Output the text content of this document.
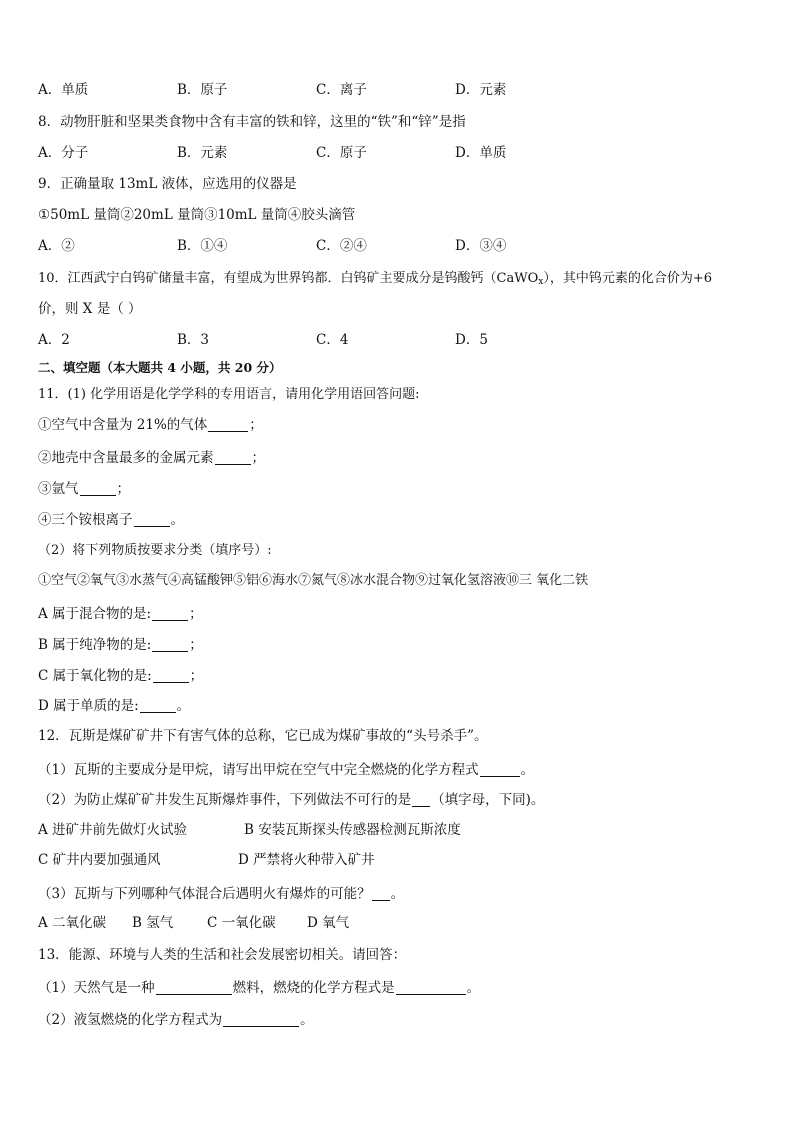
A．单质	B．原子	C．离子	D．元素
8．动物肝脏和坚果类食物中含有丰富的铁和锌，这里的“铁”和“锌”是指
A．分子	B．元素	C．原子	D．单质
9．正确量取 13mL 液体，应选用的仪器是
①50mL 量筒②20mL 量筒③10mL 量筒④胶头滴管
A．②	B．①④	C．②④	D．③④
10．江西武宁白钨矿储量丰富，有望成为世界钨都．白钨矿主要成分是钨酸钙（CaWO$_x$），其中钨元素的化合价为+6
价，则 X 是（ ）
A．2	B．3	C．4	D．5
二、填空题（本大题共 4 小题，共 20 分）
11．(1) 化学用语是化学学科的专用语言，请用化学用语回答问题:
①空气中含量为 21%的气体	；
②地壳中含量最多的金属元素	；
③氩气	；
④三个铵根离子	。
（2）将下列物质按要求分类（填序号）:
①空气②氧气③水蒸气④高锰酸钾⑤铝⑥海水⑦氮气⑧冰水混合物⑨过氧化氢溶液⑩三 氧化二铁
A 属于混合物的是:	；
B 属于纯净物的是:	；
C 属于氧化物的是:	；
D 属于单质的是:	。
12．瓦斯是煤矿矿井下有害气体的总称，它已成为煤矿事故的“头号杀手”。
（1）瓦斯的主要成分是甲烷，请写出甲烷在空气中完全燃烧的化学方程式	。
（2）为防止煤矿矿井发生瓦斯爆炸事件，下列做法不可行的是 （填字母，下同)。
A 进矿井前先做灯火试验	B 安装瓦斯探头传感器检测瓦斯浓度
C 矿井内要加强通风	D 严禁将火种带入矿井
（3）瓦斯与下列哪种气体混合后遇明火有爆炸的可能？ 。
A 二氧化碳 B 氢气	C 一氧化碳 D 氧气
13．能源、环境与人类的生活和社会发展密切相关。请回答：
（1）天然气是一种	燃料，燃烧的化学方程式是	。
（2）液氢燃烧的化学方程式为	。
